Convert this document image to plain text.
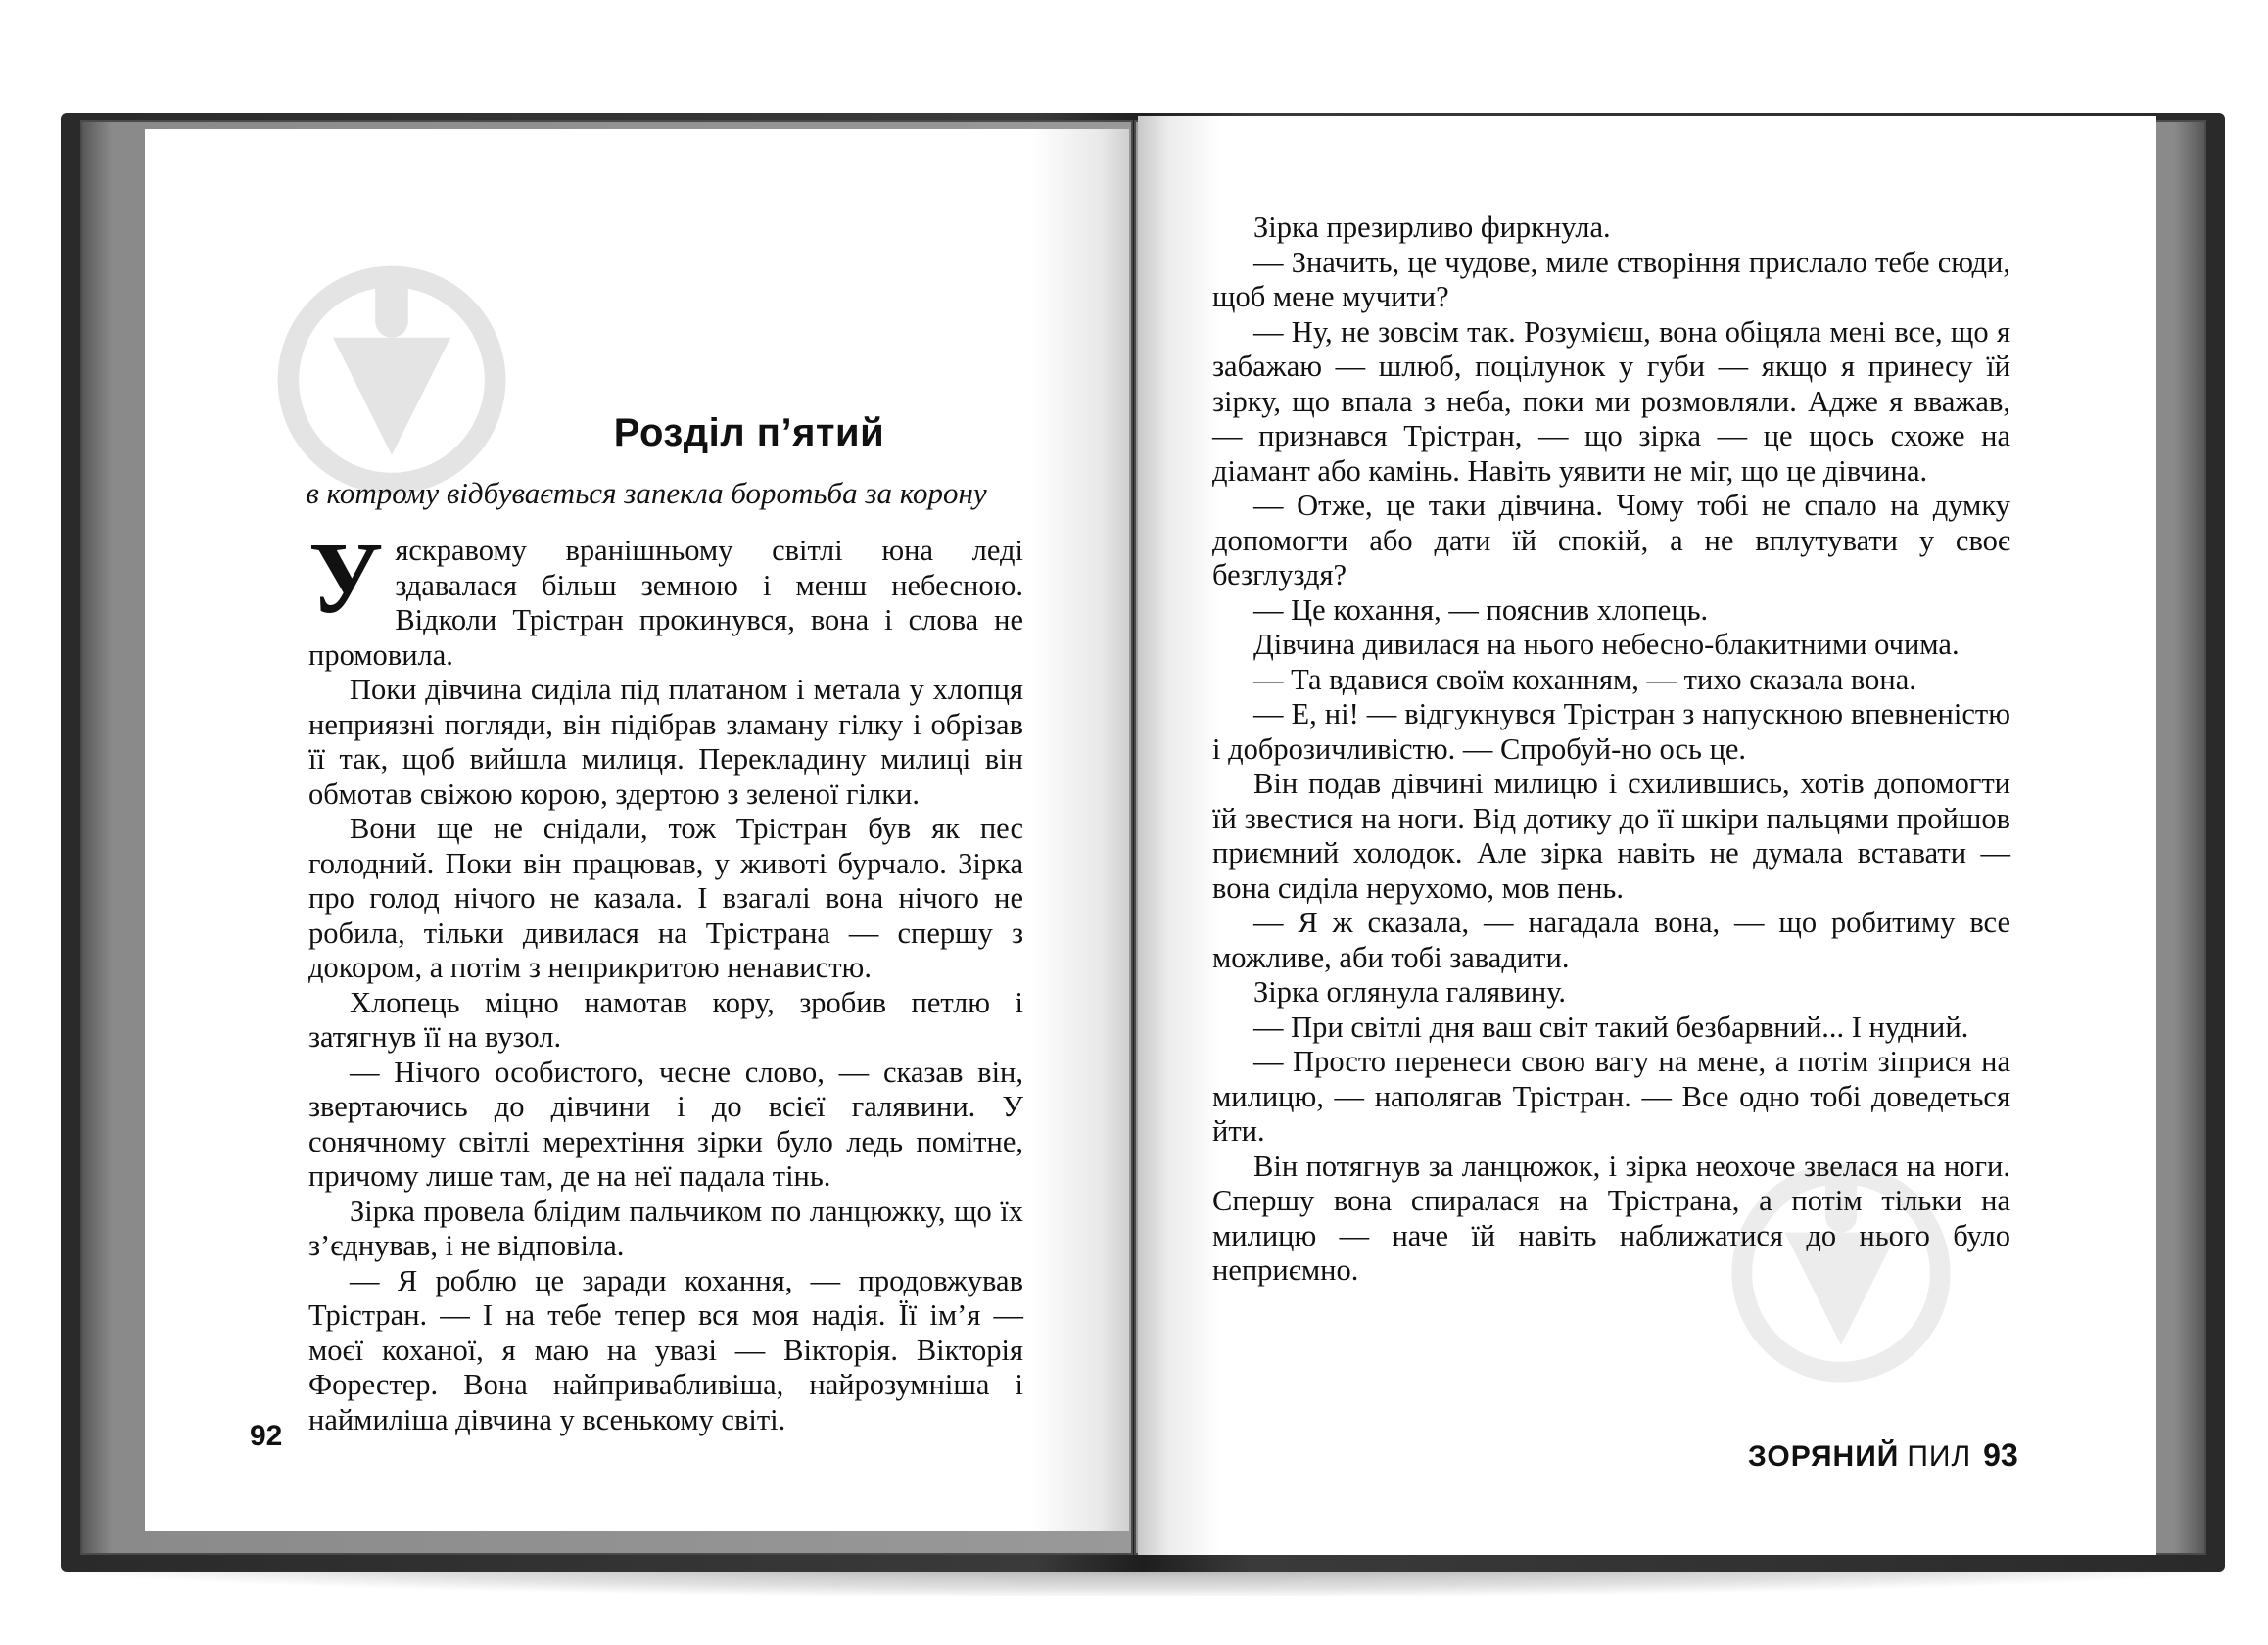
Розділ п’ятий
в котрому відбувається запекла боротьба за корону

Уяскравому вранішньому світлі юна леді здавалася більш земною і менш небесною. Відколи Трістран прокинувся, вона і слова не промовила.

Поки дівчина сиділа під платаном і метала у хлопця неприязні погляди, він підібрав зламану гілку і обрізав її так, щоб вийшла милиця. Перекладину милиці він обмотав свіжою корою, здертою з зеленої гілки.

Вони ще не снідали, тож Трістран був як пес голодний. Поки він працював, у животі бурчало. Зірка про голод нічого не казала. І взагалі вона нічого не робила, тільки дивилася на Трістрана — спершу з докором, а потім з неприкритою ненавистю.

Хлопець міцно намотав кору, зробив петлю і затягнув її на вузол.

— Нічого особистого, чесне слово, — сказав він, звертаючись до дівчини і до всієї галявини. У сонячному світлі мерехтіння зірки було ледь помітне, причому лише там, де на неї падала тінь.

Зірка провела блідим пальчиком по ланцюжку, що їх з’єднував, і не відповіла.

— Я роблю це заради кохання, — продовжував Трістран. — І на тебе тепер вся моя надія. Її ім’я — моєї коханої, я маю на увазі — Вікторія. Вікторія Форестер. Вона найпривабливіша, найрозумніша і наймиліша дівчина у всенькому світі.

92

Зірка презирливо фиркнула.

— Значить, це чудове, миле створіння прислало тебе сюди, щоб мене мучити?

— Ну, не зовсім так. Розумієш, вона обіцяла мені все, що я забажаю — шлюб, поцілунок у губи — якщо я принесу їй зірку, що впала з неба, поки ми розмовляли. Адже я вважав, — признався Трістран, — що зірка — це щось схоже на діамант або камінь. Навіть уявити не міг, що це дівчина.

— Отже, це таки дівчина. Чому тобі не спало на думку допомогти або дати їй спокій, а не вплутувати у своє безглуздя?

— Це кохання, — пояснив хлопець.

Дівчина дивилася на нього небесно-блакитними очима.

— Та вдавися своїм коханням, — тихо сказала вона.

— Е, ні! — відгукнувся Трістран з напускною впевненістю і доброзичливістю. — Спробуй-но ось це.

Він подав дівчині милицю і схилившись, хотів допомогти їй звестися на ноги. Від дотику до її шкіри пальцями пройшов приємний холодок. Але зірка навіть не думала вставати — вона сиділа нерухомо, мов пень.

— Я ж сказала, — нагадала вона, — що робитиму все можливе, аби тобі завадити.

Зірка оглянула галявину.

— При світлі дня ваш світ такий безбарвний... І нудний.

— Просто перенеси свою вагу на мене, а потім зіприся на милицю, — наполягав Трістран. — Все одно тобі доведеться йти.

Він потягнув за ланцюжок, і зірка неохоче звелася на ноги. Спершу вона спиралася на Трістрана, а потім тільки на милицю — наче їй навіть наближатися до нього було неприємно.

ЗОРЯНИЙ ПИЛ 93
